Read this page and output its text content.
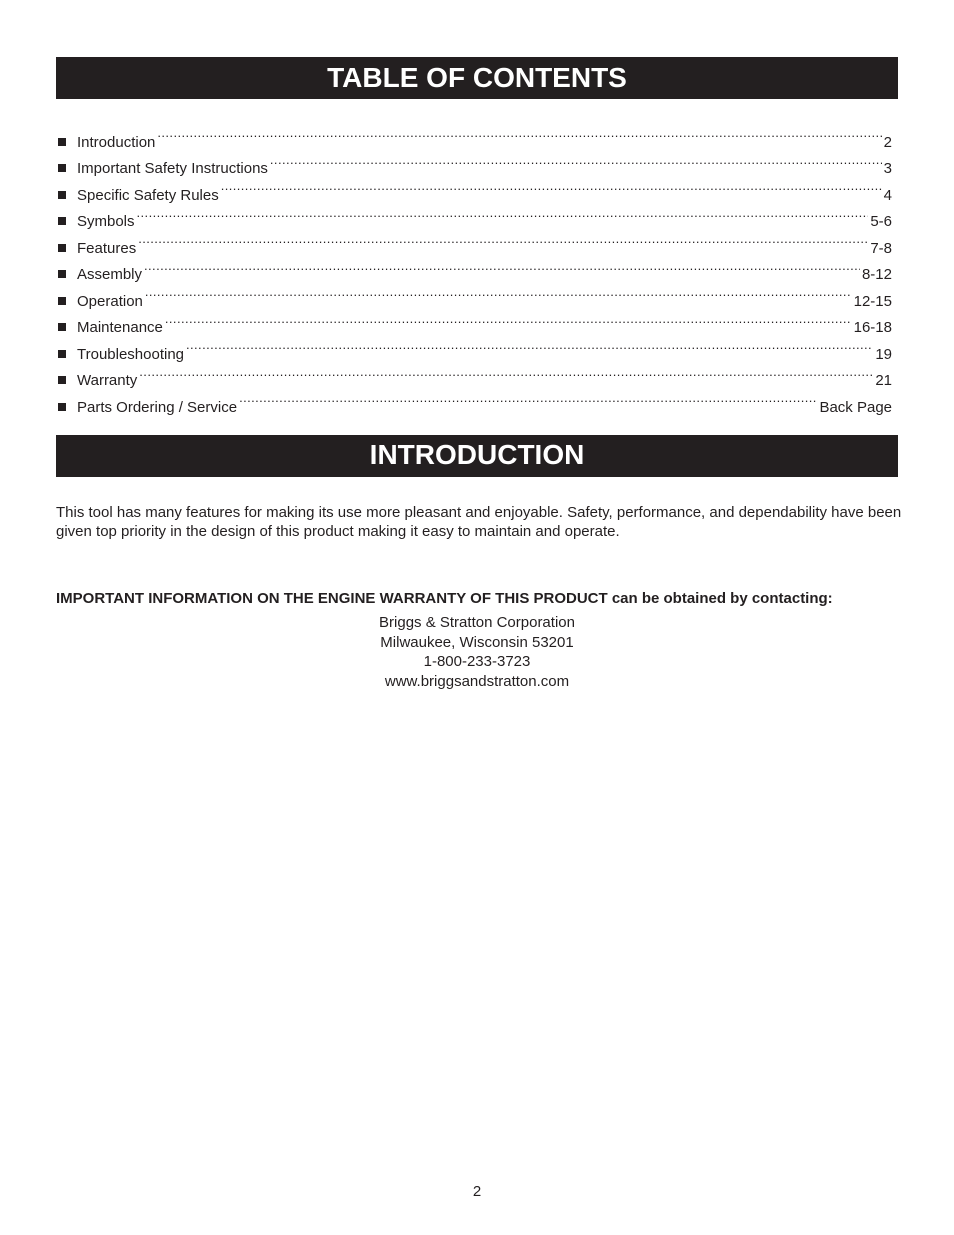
TABLE OF CONTENTS
Introduction .....	2
Important Safety Instructions .....	3
Specific Safety Rules .....	4
Symbols .....	5-6
Features .....	7-8
Assembly .....	8-12
Operation .....	12-15
Maintenance .....	16-18
Troubleshooting .....	19
Warranty .....	21
Parts Ordering / Service .....	Back Page
INTRODUCTION

This tool has many features for making its use more pleasant and enjoyable. Safety, performance, and dependability have been given top priority in the design of this product making it easy to maintain and operate.

IMPORTANT INFORMATION ON THE ENGINE WARRANTY OF THIS PRODUCT can be obtained by contacting:

Briggs & Stratton Corporation
Milwaukee, Wisconsin 53201
1-800-233-3723
www.briggsandstratton.com
2
